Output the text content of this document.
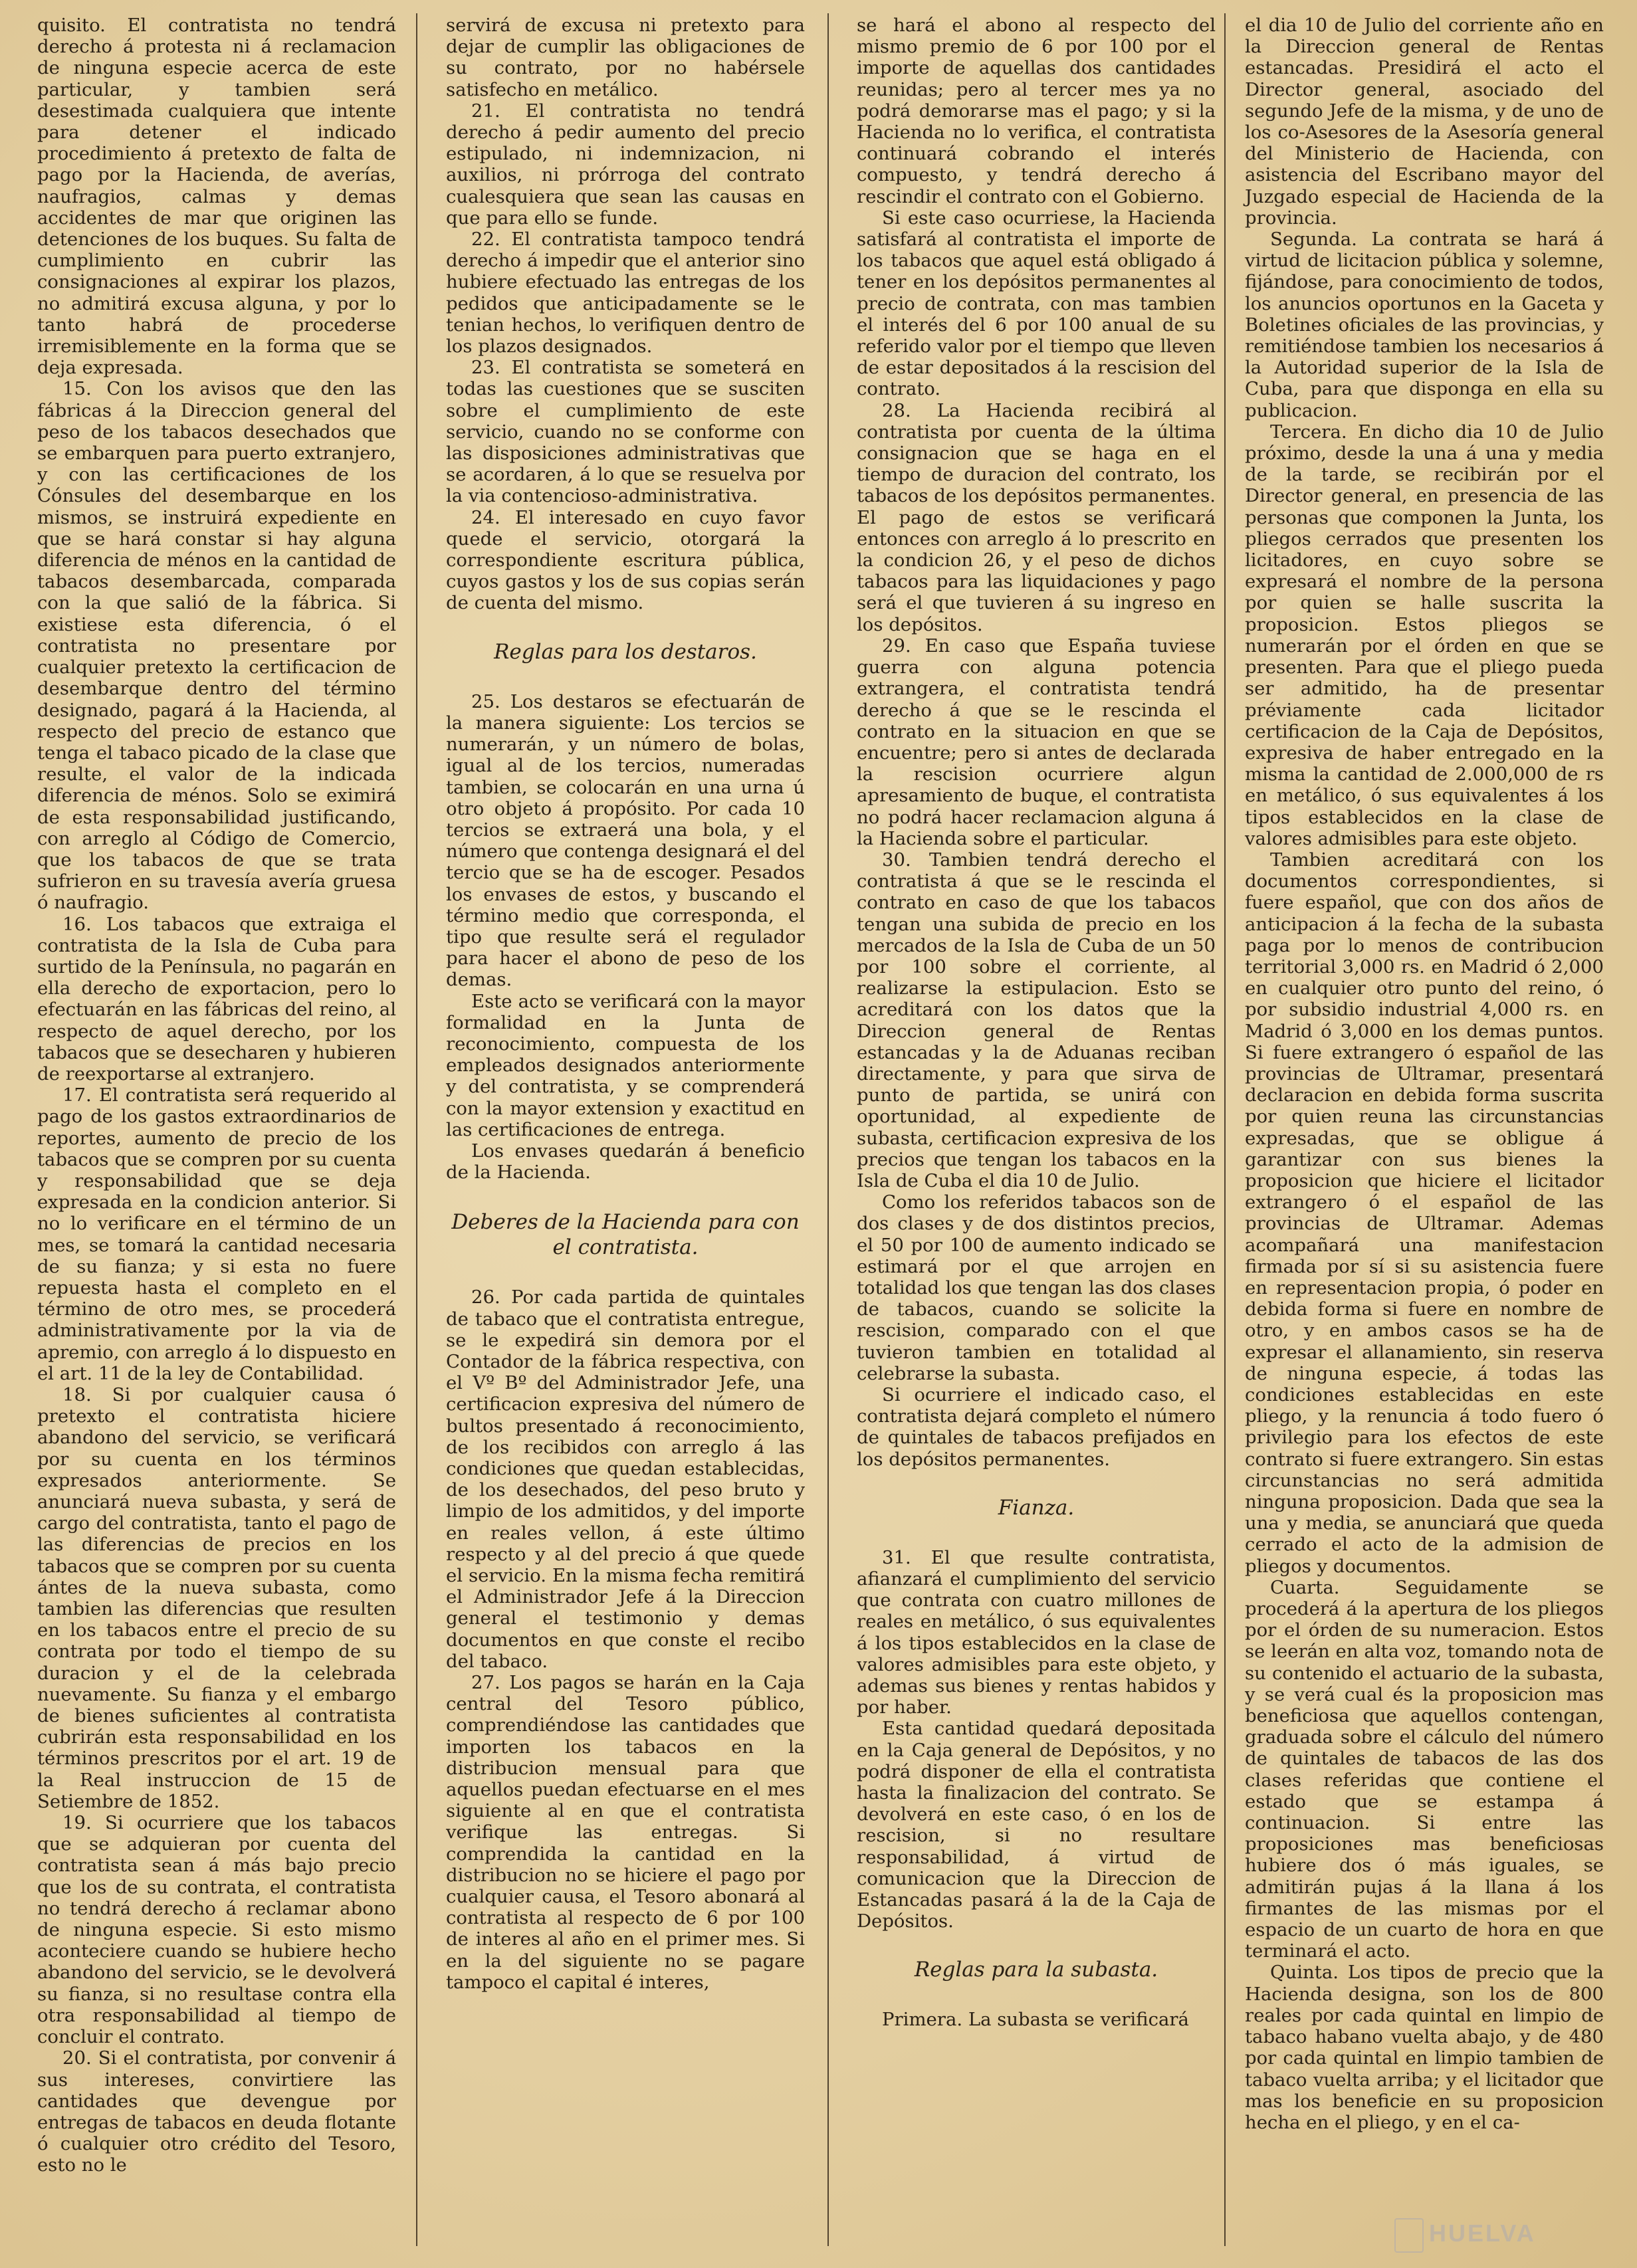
quisito. El contratista no tendrá derecho á protesta ni á reclamacion de ninguna especie acerca de este particular, y tambien será desestimada cualquiera que intente para detener el indicado procedimiento á pretexto de falta de pago por la Hacienda, de averías, naufragios, calmas y demas accidentes de mar que originen las detenciones de los buques. Su falta de cumplimiento en cubrir las consignaciones al expirar los plazos, no admitirá excusa alguna, y por lo tanto habrá de procederse irremisiblemente en la forma que se deja expresada.

15. Con los avisos que den las fábricas á la Direccion general del peso de los tabacos desechados que se embarquen para puerto extranjero, y con las certificaciones de los Cónsules del desembarque en los mismos, se instruirá expediente en que se hará constar si hay alguna diferencia de ménos en la cantidad de tabacos desembarcada, comparada con la que salió de la fábrica. Si existiese esta diferencia, ó el contratista no presentare por cualquier pretexto la certificacion de desembarque dentro del término designado, pagará á la Hacienda, al respecto del precio de estanco que tenga el tabaco picado de la clase que resulte, el valor de la indicada diferencia de ménos. Solo se eximirá de esta responsabilidad justificando, con arreglo al Código de Comercio, que los tabacos de que se trata sufrieron en su travesía avería gruesa ó naufragio.

16. Los tabacos que extraiga el contratista de la Isla de Cuba para surtido de la Península, no pagarán en ella derecho de exportacion, pero lo efectuarán en las fábricas del reino, al respecto de aquel derecho, por los tabacos que se desecharen y hubieren de reexportarse al extranjero.

17. El contratista será requerido al pago de los gastos extraordinarios de reportes, aumento de precio de los tabacos que se compren por su cuenta y responsabilidad que se deja expresada en la condicion anterior. Si no lo verificare en el término de un mes, se tomará la cantidad necesaria de su fianza; y si esta no fuere repuesta hasta el completo en el término de otro mes, se procederá administrativamente por la via de apremio, con arreglo á lo dispuesto en el art. 11 de la ley de Contabilidad.

18. Si por cualquier causa ó pretexto el contratista hiciere abandono del servicio, se verificará por su cuenta en los términos expresados anteriormente. Se anunciará nueva subasta, y será de cargo del contratista, tanto el pago de las diferencias de precios en los tabacos que se compren por su cuenta ántes de la nueva subasta, como tambien las diferencias que resulten en los tabacos entre el precio de su contrata por todo el tiempo de su duracion y el de la celebrada nuevamente. Su fianza y el embargo de bienes suficientes al contratista cubrirán esta responsabilidad en los términos prescritos por el art. 19 de la Real instruccion de 15 de Setiembre de 1852.

19. Si ocurriere que los tabacos que se adquieran por cuenta del contratista sean á más bajo precio que los de su contrata, el contratista no tendrá derecho á reclamar abono de ninguna especie. Si esto mismo aconteciere cuando se hubiere hecho abandono del servicio, se le devolverá su fianza, si no resultase contra ella otra responsabilidad al tiempo de concluir el contrato.

20. Si el contratista, por convenir á sus intereses, convirtiere las cantidades que devengue por entregas de tabacos en deuda flotante ó cualquier otro crédito del Tesoro, esto no le

servirá de excusa ni pretexto para dejar de cumplir las obligaciones de su contrato, por no habérsele satisfecho en metálico.

21. El contratista no tendrá derecho á pedir aumento del precio estipulado, ni indemnizacion, ni auxilios, ni prórroga del contrato cualesquiera que sean las causas en que para ello se funde.

22. El contratista tampoco tendrá derecho á impedir que el anterior sino hubiere efectuado las entregas de los pedidos que anticipadamente se le tenian hechos, lo verifiquen dentro de los plazos designados.

23. El contratista se someterá en todas las cuestiones que se susciten sobre el cumplimiento de este servicio, cuando no se conforme con las disposiciones administrativas que se acordaren, á lo que se resuelva por la via contencioso-administrativa.

24. El interesado en cuyo favor quede el servicio, otorgará la correspondiente escritura pública, cuyos gastos y los de sus copias serán de cuenta del mismo.

Reglas para los destaros.

25. Los destaros se efectuarán de la manera siguiente: Los tercios se numerarán, y un número de bolas, igual al de los tercios, numeradas tambien, se colocarán en una urna ú otro objeto á propósito. Por cada 10 tercios se extraerá una bola, y el número que contenga designará el del tercio que se ha de escoger. Pesados los envases de estos, y buscando el término medio que corresponda, el tipo que resulte será el regulador para hacer el abono de peso de los demas.

Este acto se verificará con la mayor formalidad en la Junta de reconocimiento, compuesta de los empleados designados anteriormente y del contratista, y se comprenderá con la mayor extension y exactitud en las certificaciones de entrega.

Los envases quedarán á beneficio de la Hacienda.

Deberes de la Hacienda para con el contratista.

26. Por cada partida de quintales de tabaco que el contratista entregue, se le expedirá sin demora por el Contador de la fábrica respectiva, con el Vº Bº del Administrador Jefe, una certificacion expresiva del número de bultos presentado á reconocimiento, de los recibidos con arreglo á las condiciones que quedan establecidas, de los desechados, del peso bruto y limpio de los admitidos, y del importe en reales vellon, á este último respecto y al del precio á que quede el servicio. En la misma fecha remitirá el Administrador Jefe á la Direccion general el testimonio y demas documentos en que conste el recibo del tabaco.

27. Los pagos se harán en la Caja central del Tesoro público, comprendiéndose las cantidades que importen los tabacos en la distribucion mensual para que aquellos puedan efectuarse en el mes siguiente al en que el contratista verifique las entregas. Si comprendida la cantidad en la distribucion no se hiciere el pago por cualquier causa, el Tesoro abonará al contratista al respecto de 6 por 100 de interes al año en el primer mes. Si en la del siguiente no se pagare tampoco el capital é interes,

se hará el abono al respecto del mismo premio de 6 por 100 por el importe de aquellas dos cantidades reunidas; pero al tercer mes ya no podrá demorarse mas el pago; y si la Hacienda no lo verifica, el contratista continuará cobrando el interés compuesto, y tendrá derecho á rescindir el contrato con el Gobierno.

Si este caso ocurriese, la Hacienda satisfará al contratista el importe de los tabacos que aquel está obligado á tener en los depósitos permanentes al precio de contrata, con mas tambien el interés del 6 por 100 anual de su referido valor por el tiempo que lleven de estar depositados á la rescision del contrato.

28. La Hacienda recibirá al contratista por cuenta de la última consignacion que se haga en el tiempo de duracion del contrato, los tabacos de los depósitos permanentes. El pago de estos se verificará entonces con arreglo á lo prescrito en la condicion 26, y el peso de dichos tabacos para las liquidaciones y pago será el que tuvieren á su ingreso en los depósitos.

29. En caso que España tuviese guerra con alguna potencia extrangera, el contratista tendrá derecho á que se le rescinda el contrato en la situacion en que se encuentre; pero si antes de declarada la rescision ocurriere algun apresamiento de buque, el contratista no podrá hacer reclamacion alguna á la Hacienda sobre el particular.

30. Tambien tendrá derecho el contratista á que se le rescinda el contrato en caso de que los tabacos tengan una subida de precio en los mercados de la Isla de Cuba de un 50 por 100 sobre el corriente, al realizarse la estipulacion. Esto se acreditará con los datos que la Direccion general de Rentas estancadas y la de Aduanas reciban directamente, y para que sirva de punto de partida, se unirá con oportunidad, al expediente de subasta, certificacion expresiva de los precios que tengan los tabacos en la Isla de Cuba el dia 10 de Julio.

Como los referidos tabacos son de dos clases y de dos distintos precios, el 50 por 100 de aumento indicado se estimará por el que arrojen en totalidad los que tengan las dos clases de tabacos, cuando se solicite la rescision, comparado con el que tuvieron tambien en totalidad al celebrarse la subasta.

Si ocurriere el indicado caso, el contratista dejará completo el número de quintales de tabacos prefijados en los depósitos permanentes.

Fianza.

31. El que resulte contratista, afianzará el cumplimiento del servicio que contrata con cuatro millones de reales en metálico, ó sus equivalentes á los tipos establecidos en la clase de valores admisibles para este objeto, y ademas sus bienes y rentas habidos y por haber.

Esta cantidad quedará depositada en la Caja general de Depósitos, y no podrá disponer de ella el contratista hasta la finalizacion del contrato. Se devolverá en este caso, ó en los de rescision, si no resultare responsabilidad, á virtud de comunicacion que la Direccion de Estancadas pasará á la de la Caja de Depósitos.

Reglas para la subasta.

Primera. La subasta se verificará

el dia 10 de Julio del corriente año en la Direccion general de Rentas estancadas. Presidirá el acto el Director general, asociado del segundo Jefe de la misma, y de uno de los co-Asesores de la Asesoría general del Ministerio de Hacienda, con asistencia del Escribano mayor del Juzgado especial de Hacienda de la provincia.

Segunda. La contrata se hará á virtud de licitacion pública y solemne, fijándose, para conocimiento de todos, los anuncios oportunos en la Gaceta y Boletines oficiales de las provincias, y remitiéndose tambien los necesarios á la Autoridad superior de la Isla de Cuba, para que disponga en ella su publicacion.

Tercera. En dicho dia 10 de Julio próximo, desde la una á una y media de la tarde, se recibirán por el Director general, en presencia de las personas que componen la Junta, los pliegos cerrados que presenten los licitadores, en cuyo sobre se expresará el nombre de la persona por quien se halle suscrita la proposicion. Estos pliegos se numerarán por el órden en que se presenten. Para que el pliego pueda ser admitido, ha de presentar préviamente cada licitador certificacion de la Caja de Depósitos, expresiva de haber entregado en la misma la cantidad de 2.000,000 de rs en metálico, ó sus equivalentes á los tipos establecidos en la clase de valores admisibles para este objeto.

Tambien acreditará con los documentos correspondientes, si fuere español, que con dos años de anticipacion á la fecha de la subasta paga por lo menos de contribucion territorial 3,000 rs. en Madrid ó 2,000 en cualquier otro punto del reino, ó por subsidio industrial 4,000 rs. en Madrid ó 3,000 en los demas puntos. Si fuere extrangero ó español de las provincias de Ultramar, presentará declaracion en debida forma suscrita por quien reuna las circunstancias expresadas, que se obligue á garantizar con sus bienes la proposicion que hiciere el licitador extrangero ó el español de las provincias de Ultramar. Ademas acompañará una manifestacion firmada por sí si su asistencia fuere en representacion propia, ó poder en debida forma si fuere en nombre de otro, y en ambos casos se ha de expresar el allanamiento, sin reserva de ninguna especie, á todas las condiciones establecidas en este pliego, y la renuncia á todo fuero ó privilegio para los efectos de este contrato si fuere extrangero. Sin estas circunstancias no será admitida ninguna proposicion. Dada que sea la una y media, se anunciará que queda cerrado el acto de la admision de pliegos y documentos.

Cuarta. Seguidamente se procederá á la apertura de los pliegos por el órden de su numeracion. Estos se leerán en alta voz, tomando nota de su contenido el actuario de la subasta, y se verá cual és la proposicion mas beneficiosa que aquellos contengan, graduada sobre el cálculo del número de quintales de tabacos de las dos clases referidas que contiene el estado que se estampa á continuacion. Si entre las proposiciones mas beneficiosas hubiere dos ó más iguales, se admitirán pujas á la llana á los firmantes de las mismas por el espacio de un cuarto de hora en que terminará el acto.

Quinta. Los tipos de precio que la Hacienda designa, son los de 800 reales por cada quintal en limpio de tabaco habano vuelta abajo, y de 480 por cada quintal en limpio tambien de tabaco vuelta arriba; y el licitador que mas los beneficie en su proposicion hecha en el pliego, y en el ca-

HUELVA
